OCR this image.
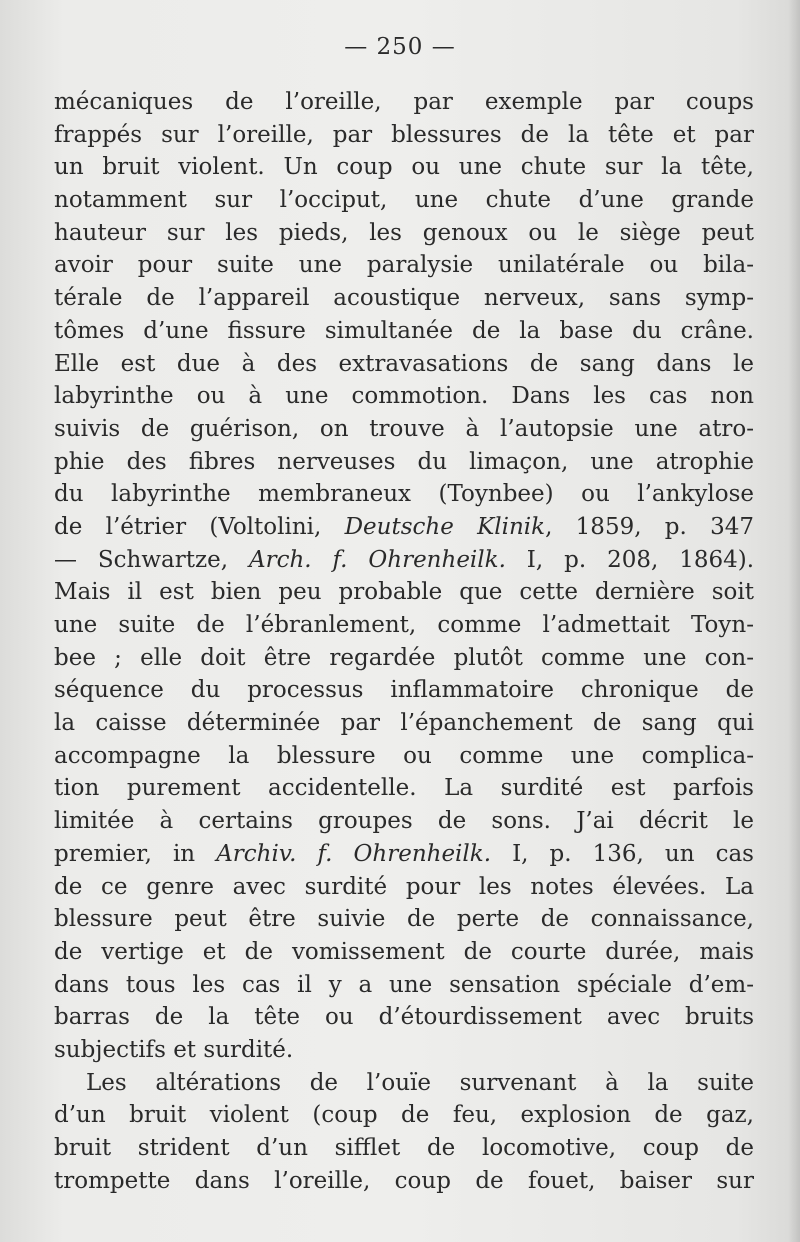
— 250 —
mécaniques de l’oreille, par exemple par coups
frappés sur l’oreille, par blessures de la tête et par
un bruit violent. Un coup ou une chute sur la tête,
notamment sur l’occiput, une chute d’une grande
hauteur sur les pieds, les genoux ou le siège peut
avoir pour suite une paralysie unilatérale ou bila-
térale de l’appareil acoustique nerveux, sans symp-
tômes d’une fissure simultanée de la base du crâne.
Elle est due à des extravasations de sang dans le
labyrinthe ou à une commotion. Dans les cas non
suivis de guérison, on trouve à l’autopsie une atro-
phie des fibres nerveuses du limaçon, une atrophie
du labyrinthe membraneux (Toynbee) ou l’ankylose
de l’étrier (Voltolini, Deutsche Klinik, 1859, p. 347
— Schwartze, Arch. f. Ohrenheilk. I, p. 208, 1864).
Mais il est bien peu probable que cette dernière soit
une suite de l’ébranlement, comme l’admettait Toyn-
bee ; elle doit être regardée plutôt comme une con-
séquence du processus inflammatoire chronique de
la caisse déterminée par l’épanchement de sang qui
accompagne la blessure ou comme une complica-
tion purement accidentelle. La surdité est parfois
limitée à certains groupes de sons. J’ai décrit le
premier, in Archiv. f. Ohrenheilk. I, p. 136, un cas
de ce genre avec surdité pour les notes élevées. La
blessure peut être suivie de perte de connaissance,
de vertige et de vomissement de courte durée, mais
dans tous les cas il y a une sensation spéciale d’em-
barras de la tête ou d’étourdissement avec bruits
subjectifs et surdité.
Les altérations de l’ouïe survenant à la suite
d’un bruit violent (coup de feu, explosion de gaz,
bruit strident d’un sifflet de locomotive, coup de
trompette dans l’oreille, coup de fouet, baiser sur
